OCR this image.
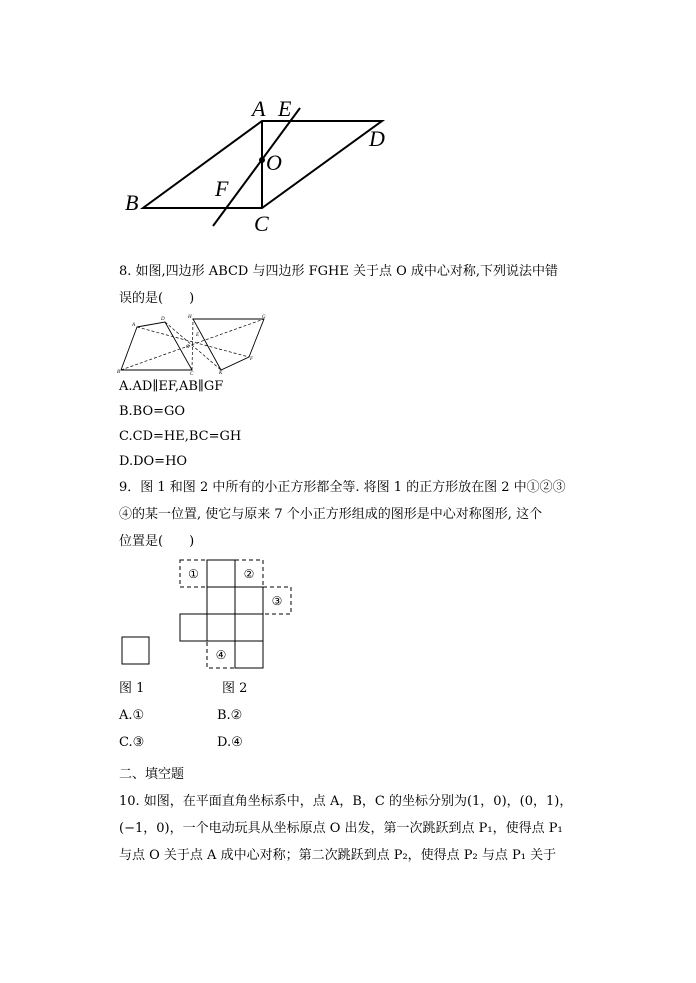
A E
D
O
B
F
C
8. 如图,四边形 ABCD 与四边形 FGHE 关于点 O 成中心对称,下列说法中错
误的是(　　)
A
D	H	G
E
O
B	C	K
F
A.AD∥EF,AB∥GF
B.BO=GO
C.CD=HE,BC=GH
D.DO=HO
9．图 1 和图 2 中所有的小正方形都全等. 将图 1 的正方形放在图 2 中①②③
④的某一位置, 使它与原来 7 个小正方形组成的图形是中心对称图形, 这个
位置是(　　)
①	②
③
④
图 1	图 2
A.①	B.②
C.③	D.④
二、填空题
10. 如图，在平面直角坐标系中，点 A，B，C 的坐标分别为(1，0)，(0，1)，
(−1，0)，一个电动玩具从坐标原点 O 出发，第一次跳跃到点 P₁，使得点 P₁
与点 O 关于点 A 成中心对称；第二次跳跃到点 P₂，使得点 P₂ 与点 P₁ 关于
